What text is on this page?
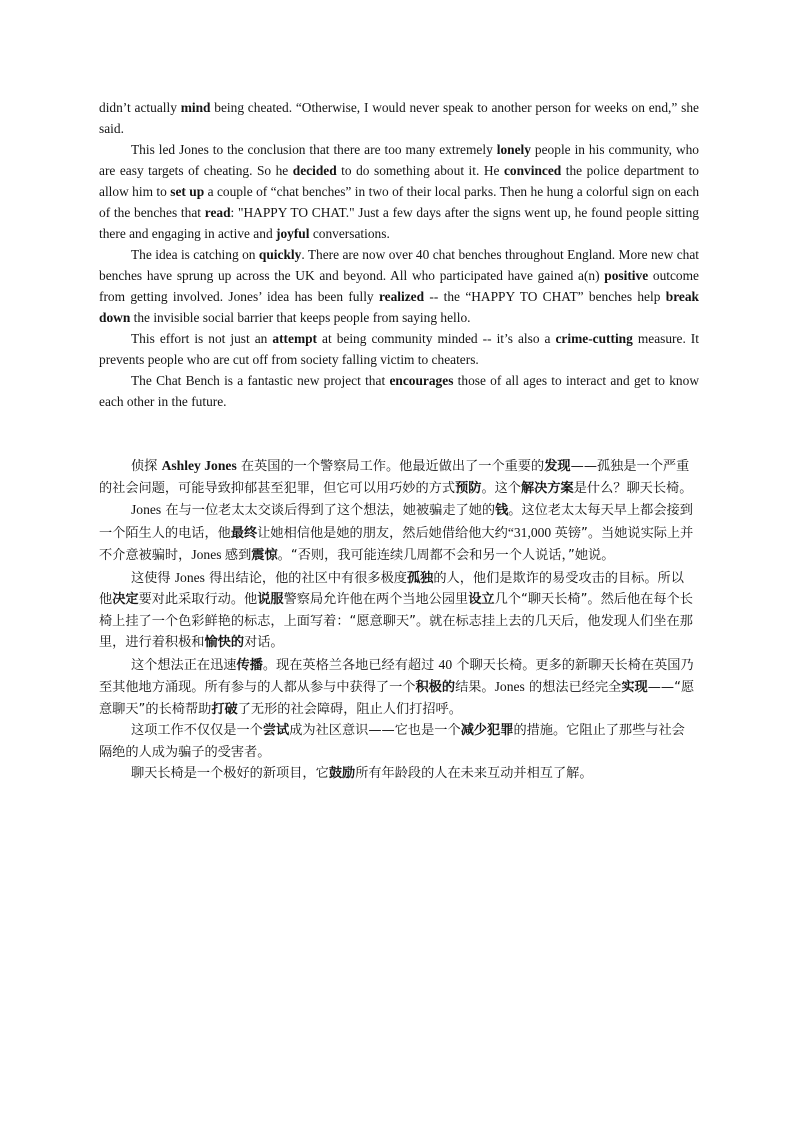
didn’t actually mind being cheated. “Otherwise, I would never speak to another person for weeks on end,” she said.

This led Jones to the conclusion that there are too many extremely lonely people in his community, who are easy targets of cheating. So he decided to do something about it. He convinced the police department to allow him to set up a couple of “chat benches” in two of their local parks. Then he hung a colorful sign on each of the benches that read: "HAPPY TO CHAT." Just a few days after the signs went up, he found people sitting there and engaging in active and joyful conversations.

The idea is catching on quickly. There are now over 40 chat benches throughout England. More new chat benches have sprung up across the UK and beyond. All who participated have gained a(n) positive outcome from getting involved. Jones’ idea has been fully realized -- the “HAPPY TO CHAT” benches help break down the invisible social barrier that keeps people from saying hello.

This effort is not just an attempt at being community minded -- it’s also a crime-cutting measure. It prevents people who are cut off from society falling victim to cheaters.

The Chat Bench is a fantastic new project that encourages those of all ages to interact and get to know each other in the future.

侦探 Ashley Jones 在英国的一个警察局工作。他最近做出了一个重要的发现——孤独是一个严重的社会问题，可能导致抑郁甚至犯罪，但它可以用巧妙的方式预防。这个解决方案是什么？聊天长椅。

Jones 在与一位老太太交谈后得到了这个想法，她被骗走了她的钱。这位老太太每天早上都会接到一个陌生人的电话，他最终让她相信他是她的朋友，然后她借给他大约“31,000 英镑”。当她说实际上并不介意被骗时，Jones 感到震惊。“否则，我可能连续几周都不会和另一个人说话，”她说。

这使得 Jones 得出结论，他的社区中有很多极度孤独的人，他们是欺诈的易受攻击的目标。所以他决定要对此采取行动。他说服警察局允许他在两个当地公园里设立几个“聊天长椅”。然后他在每个长椅上挂了一个色彩鲜艳的标志，上面写着：“愿意聊天”。就在标志挂上去的几天后，他发现人们坐在那里，进行着积极和愉快的对话。

这个想法正在迅速传播。现在英格兰各地已经有超过 40 个聊天长椅。更多的新聊天长椅在英国乃至其他地方涌现。所有参与的人都从参与中获得了一个积极的结果。Jones 的想法已经完全实现——“愿意聊天”的长椅帮助打破了无形的社会障碍，阻止人们打招呼。

这项工作不仅仅是一个尝试成为社区意识——它也是一个减少犯罪的措施。它阻止了那些与社会隔绝的人成为骗子的受害者。

聊天长椅是一个极好的新项目，它鼓励所有年龄段的人在未来互动并相互了解。
